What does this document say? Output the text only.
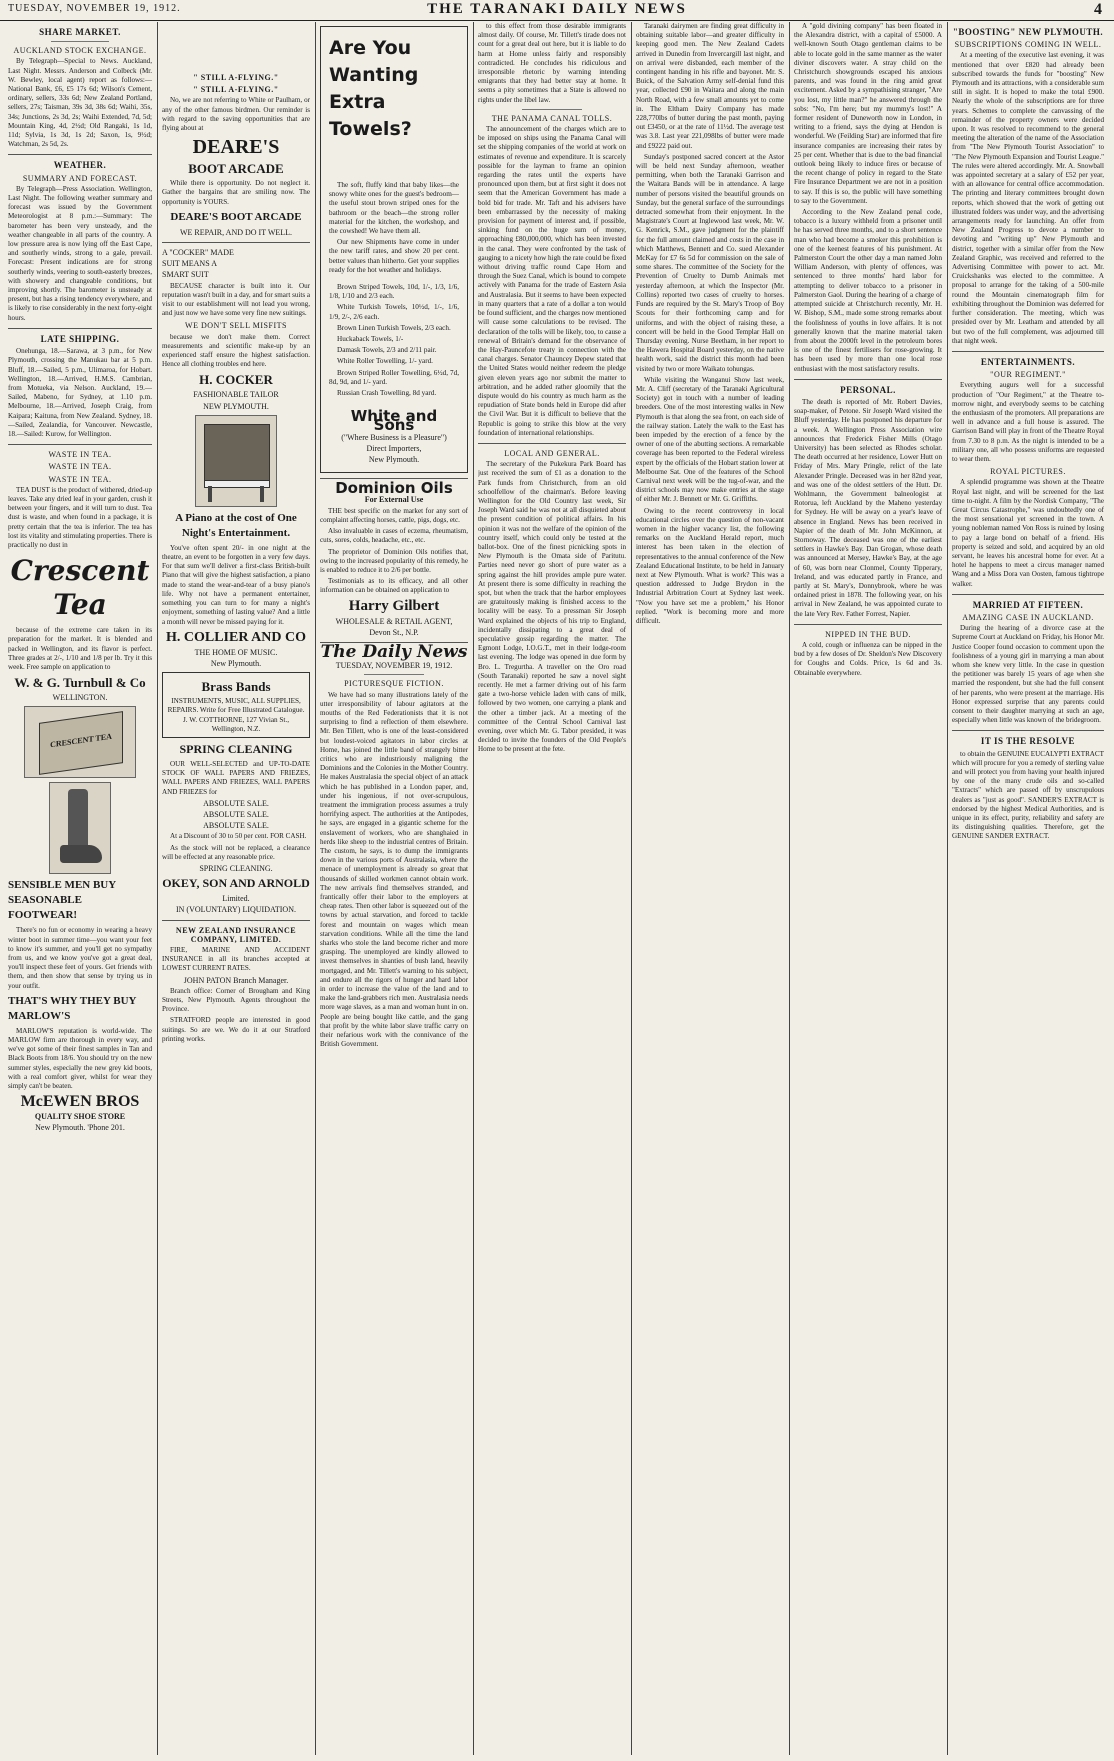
TUESDAY, NOVEMBER 19, 1912.	THE TARANAKI DAILY NEWS	4
SHARE MARKET.
AUCKLAND STOCK EXCHANGE.

By Telegraph—Special to News. Auckland, Last Night. Messrs. Anderson and Colbeck (Mr. W. Bewley, local agent) report as follows:—National Bank, £6, £5 17s 6d; Wilson's Cement, ordinary, sellers, 33s 6d; New Zealand Portland, sellers, 27s; Taisman, 39s 3d, 38s 6d; Waihi, 35s, 34s; Junctions, 2s 3d, 2s; Waihi Extended, 7d, 5d; Mountain King, 4d, 2½d; Old Rangaki, 1s 1d, 11d; Sylvia, 1s 3d, 1s 2d; Saxon, 1s, 9½d; Watchman, 2s 5d, 2s.

WEATHER.
SUMMARY AND FORECAST.

By Telegraph—Press Association. Wellington, Last Night. The following weather summary and forecast was issued by the Government Meteorologist at 8 p.m.:—Summary: The barometer has been very unsteady, and the weather changeable in all parts of the country. A low pressure area is now lying off the East Cape, and southerly winds, strong to a gale, prevail. Forecast: Present indications are for strong southerly winds, veering to south-easterly breezes, with showery and changeable conditions, but improving shortly. The barometer is unsteady at present, but has a rising tendency everywhere, and is likely to rise considerably in the next forty-eight hours.

LATE SHIPPING.

Onehunga, 18.—Sarawa, at 3 p.m., for New Plymouth, crossing the Manukau bar at 5 p.m. Bluff, 18.—Sailed, 5 p.m., Ulimaroa, for Hobart. Wellington, 18.—Arrived, H.M.S. Cambrian, from Motueka, via Nelson. Auckland, 19.—Sailed, Mabeno, for Sydney, at 1.10 p.m. Melbourne, 18.—Arrived, Joseph Craig, from Kaipara; Kaituna, from New Zealand. Sydney, 18.—Sailed, Zealandia, for Vancouver. Newcastle, 18.—Sailed: Kurow, for Wellington.

WASTE IN TEA.
WASTE IN TEA.
WASTE IN TEA.

TEA DUST is the product of withered, dried-up leaves. Take any dried leaf in your garden, crush it between your fingers, and it will turn to dust. Tea dust is waste, and when found in a package, it is pretty certain that the tea is inferior. The tea has lost its vitality and stimulating properties. There is practically no dust in

Crescent Tea

because of the extreme care taken in its preparation for the market. It is blended and packed in Wellington, and its flavor is perfect. Three grades at 2/-, 1/10 and 1/8 per lb. Try it this week. Free sample on application to

W. & G. Turnbull & Co
WELLINGTON.
CRESCENT TEA
SENSIBLE MEN BUY SEASONABLE FOOTWEAR!

There's no fun or economy in wearing a heavy winter boot in summer time—you want your feet to know it's summer, and you'll get no sympathy from us, and we know you've got a great deal, you'll inspect these feet of yours. Get friends with them, and then show that sense by trying us in your outfit.

THAT'S WHY THEY BUY MARLOW'S

MARLOW'S reputation is world-wide. The MARLOW firm are thorough in every way, and we've got some of their finest samples in Tan and Black Boots from 18/6. You should try on the new summer styles, especially the new grey kid boots, with a real comfort giver, whilst for wear they simply can't be beaten.

McEWEN BROS
QUALITY SHOE STORE
New Plymouth. 'Phone 201.
" STILL A-FLYING."
" STILL A-FLYING."

No, we are not referring to White or Paulham, or any of the other famous birdmen. Our reminder is with regard to the saving opportunities that are flying about at

DEARE'S
BOOT ARCADE

While there is opportunity. Do not neglect it. Gather the bargains that are smiling now. The opportunity is YOURS.

DEARE'S BOOT ARCADE
WE REPAIR, AND DO IT WELL.
A "COCKER" MADE
SUIT MEANS A
SMART SUIT

BECAUSE character is built into it. Our reputation wasn't built in a day, and for smart suits a visit to our establishment will not lead you wrong, and just now we have some very fine new suitings.

WE DON'T SELL MISFITS

because we don't make them. Correct measurements and scientific make-up by an experienced staff ensure the highest satisfaction. Hence all clothing troubles end here.

H. COCKER
FASHIONABLE TAILOR
NEW PLYMOUTH.
A Piano at the cost of One Night's Entertainment.

You've often spent 20/- in one night at the theatre, an event to be forgotten in a very few days. For that sum we'll deliver a first-class British-built Piano that will give the highest satisfaction, a piano made to stand the wear-and-tear of a busy piano's life. Why not have a permanent entertainer, something you can turn to for many a night's enjoyment, something of lasting value? And a little a month will never be missed paying for it.

H. COLLIER AND CO
THE HOME OF MUSIC.
New Plymouth.
Brass Bands
INSTRUMENTS, MUSIC, ALL SUPPLIES, REPAIRS. Write for Free Illustrated Catalogue. J. W. COTTHORNE, 127 Vivian St., Wellington, N.Z.
SPRING CLEANING

OUR WELL-SELECTED and UP-TO-DATE STOCK OF WALL PAPERS AND FRIEZES, WALL PAPERS AND FRIEZES, WALL PAPERS AND FRIEZES for

ABSOLUTE SALE.
ABSOLUTE SALE.
ABSOLUTE SALE.

At a Discount of 30 to 50 per cent. FOR CASH.

As the stock will not be replaced, a clearance will be effected at any reasonable price.

SPRING CLEANING.
OKEY, SON AND ARNOLD
Limited.
IN (VOLUNTARY) LIQUIDATION.
NEW ZEALAND INSURANCE COMPANY, LIMITED.

FIRE, MARINE AND ACCIDENT INSURANCE in all its branches accepted at LOWEST CURRENT RATES.

JOHN PATON Branch Manager.

Branch office: Corner of Brougham and King Streets, New Plymouth. Agents throughout the Province.

STRATFORD people are interested in good suitings. So are we. We do it at our Stratford printing works.

Are You
Wanting
Extra
Towels?

The soft, fluffy kind that baby likes—the snowy white ones for the guest's bedroom—the useful stout brown striped ones for the bathroom or the beach—the strong roller material for the kitchen, the workshop, and the cowshed! We have them all.

Our new Shipments have come in under the new tariff rates, and show 20 per cent. better values than hitherto. Get your supplies ready for the hot weather and holidays.

Brown Striped Towels, 10d, 1/-, 1/3, 1/6, 1/8, 1/10 and 2/3 each.

White Turkish Towels, 10½d, 1/-, 1/6, 1/9, 2/-, 2/6 each.

Brown Linen Turkish Towels, 2/3 each.

Huckaback Towels, 1/-

Damask Towels, 2/3 and 2/11 pair.

White Roller Towelling, 1/- yard.

Brown Striped Roller Towelling, 6½d, 7d, 8d, 9d, and 1/- yard.

Russian Crash Towelling, 8d yard.

White and Sons
("Where Business is a Pleasure")
Direct Importers,
New Plymouth.
Dominion Oils
For External Use

THE best specific on the market for any sort of complaint affecting horses, cattle, pigs, dogs, etc.

Also invaluable in cases of eczema, rheumatism, cuts, sores, colds, headache, etc., etc.

The proprietor of Dominion Oils notifies that, owing to the increased popularity of this remedy, he is enabled to reduce it to 2/6 per bottle.

Testimonials as to its efficacy, and all other information can be obtained on application to

Harry Gilbert
WHOLESALE & RETAIL AGENT,
Devon St., N.P.
The Daily News
TUESDAY, NOVEMBER 19, 1912.
PICTURESQUE FICTION.

We have had so many illustrations lately of the utter irresponsibility of labour agitators at the mouths of the Red Federationists that it is not surprising to find a reflection of them elsewhere. Mr. Ben Tillett, who is one of the least-considered but loudest-voiced agitators in labor circles at Home, has joined the little band of strangely bitter critics who are industriously maligning the Dominions and the Colonies in the Mother Country. He makes Australasia the special object of an attack which he has published in a London paper, and, under his ingenious, if not over-scrupulous, treatment the immigration process assumes a truly horrifying aspect. The authorities at the Antipodes, he says, are engaged in a gigantic scheme for the enslavement of workers, who are shanghaied in herds like sheep to the industrial centres of Britain. The custom, he says, is to dump the immigrants down in the various ports of Australasia, where the menace of unemployment is already so great that thousands of skilled workmen cannot obtain work. The new arrivals find themselves stranded, and frantically offer their labor to the employers at cheap rates. Then other labor is squeezed out of the towns by actual starvation, and forced to tackle forest and mountain on wages which mean starvation conditions. While all the time the land sharks who stole the land become richer and more grasping. The unemployed are kindly allowed to invest themselves in shanties of bush land, heavily mortgaged, and Mr. Tillett's warning to his subject, and endure all the rigors of hunger and hard labor in order to increase the value of the land and to make the land-grabbers rich men. Australasia needs more wage slaves, as a man and woman hunt in on. People are being bought like cattle, and the gang that profit by the white labor slave traffic carry on their nefarious work with the connivance of the British Government.

to this effect from those desirable immigrants almost daily. Of course, Mr. Tillett's tirade does not count for a great deal out here, but it is liable to do harm at Home unless fairly and responsibly contradicted. He concludes his ridiculous and irresponsible rhetoric by warning intending emigrants that they had better stay at home. It seems a pity sometimes that a State is allowed no rights under the libel law.

THE PANAMA CANAL TOLLS.

The announcement of the charges which are to be imposed on ships using the Panama Canal will set the shipping companies of the world at work on estimates of revenue and expenditure. It is scarcely possible for the layman to frame an opinion regarding the rates until the experts have pronounced upon them, but at first sight it does not seem that the American Government has made a bold bid for trade. Mr. Taft and his advisers have been embarrassed by the necessity of making provision for payment of interest and, if possible, sinking fund on the huge sum of money, approaching £80,000,000, which has been invested in the canal. They were confronted by the task of gauging to a nicety how high the rate could be fixed without driving traffic round Cape Horn and through the Suez Canal, which is bound to compete actively with Panama for the trade of Eastern Asia and Australasia. But it seems to have been expected in many quarters that a rate of a dollar a ton would be found sufficient, and the charges now mentioned will cause some calculations to be revised. The declaration of the tolls will be likely, too, to cause a renewal of Britain's demand for the observance of the Hay-Pauncefote treaty in connection with the canal charges. Senator Chauncey Depew stated that the United States would neither redeem the pledge given eleven years ago nor submit the matter to arbitration, and he added rather gloomily that the dispute would do his country as much harm as the repudiation of State bonds held in Europe did after the Civil War. But it is difficult to believe that the Republic is going to strike this blow at the very foundation of international relationships.

LOCAL AND GENERAL.

The secretary of the Pukekura Park Board has just received the sum of £1 as a donation to the Park funds from Christchurch, from an old schoolfellow of the chairman's. Before leaving Wellington for the Old Country last week, Sir Joseph Ward said he was not at all disquieted about the present condition of political affairs. In his opinion it was not the welfare of the opinion of the country itself, which could only be tested at the ballot-box. One of the finest picnicking spots in New Plymouth is the Omata side of Paritutu. Parties need never go short of pure water as a spring against the hill provides ample pure water. At present there is some difficulty in reaching the spot, but when the track that the harbor employees are gratuitously making is finished access to the locality will be easy. To a pressman Sir Joseph Ward explained the objects of his trip to England, incidentally dissipating to a great deal of speculative gossip regarding the matter. The Egmont Lodge, I.O.G.T., met in their lodge-room last evening. The lodge was opened in due form by Bro. L. Tregurtha. A traveller on the Oro road (South Taranaki) reported he saw a novel sight recently. He met a farmer driving out of his farm gate a two-horse vehicle laden with cans of milk, followed by two women, one carrying a plank and the other a timber jack. At a meeting of the committee of the Central School Carnival last evening, over which Mr. G. Tabor presided, it was decided to invite the founders of the Old People's Home to be present at the fete.

Taranaki dairymen are finding great difficulty in obtaining suitable labor—and greater difficulty in keeping good men. The New Zealand Cadets arrived in Dunedin from Invercargill last night, and on arrival were disbanded, each member of the contingent handing in his rifle and bayonet. Mr. S. Buick, of the Salvation Army self-denial fund this year, collected £90 in Waitara and along the main North Road, with a few small amounts yet to come in. The Eltham Dairy Company has made 228,770lbs of butter during the past month, paying out £3450, or at the rate of 11½d. The average test was 3.8. Last year 221,098lbs of butter were made and £9222 paid out.

Sunday's postponed sacred concert at the Astor will be held next Sunday afternoon, weather permitting, when both the Taranaki Garrison and the Waitara Bands will be in attendance. A large number of persons visited the beautiful grounds on Sunday, but the general surface of the surroundings detracted somewhat from their enjoyment. In the Magistrate's Court at Inglewood last week, Mr. W. G. Kenrick, S.M., gave judgment for the plaintiff for the full amount claimed and costs in the case in which Matthews, Bennett and Co. sued Alexander McKay for £7 6s 5d for commission on the sale of some shares. The committee of the Society for the Prevention of Cruelty to Dumb Animals met yesterday afternoon, at which the Inspector (Mr. Collins) reported two cases of cruelty to horses. Funds are required by the St. Mary's Troop of Boy Scouts for their forthcoming camp and for uniforms, and with the object of raising these, a concert will be held in the Good Templar Hall on Thursday evening. Nurse Beetham, in her report to the Hawera Hospital Board yesterday, on the native health work, said the district this month had been visited by two or more Waikato tohungas.

While visiting the Wanganui Show last week, Mr. A. Cliff (secretary of the Taranaki Agricultural Society) got in touch with a number of leading breeders. One of the most interesting walks in New Plymouth is that along the sea front, on each side of the railway station. Lately the walk to the East has been impeded by the erection of a fence by the owner of one of the abutting sections. A remarkable coverage has been reported to the Federal wireless expert by the officials of the Hobart station lower at Melbourne Sat. One of the features of the School Carnival next week will be the tug-of-war, and the district schools may now make entries at the stage of either Mr. J. Bennett or Mr. G. Griffiths.

Owing to the recent controversy in local educational circles over the question of non-vacant women in the higher vacancy list, the following remarks on the Auckland Herald report, much interest has been taken in the election of representatives to the annual conference of the New Zealand Educational Institute, to be held in January next at New Plymouth. What is work? This was a question addressed to Judge Brydon in the Industrial Arbitration Court at Sydney last week. "Now you have set me a problem," his Honor replied. "Work is becoming more and more difficult.

A "gold divining company" has been floated in the Alexandra district, with a capital of £5000. A well-known South Otago gentleman claims to be able to locate gold in the same manner as the water diviner discovers water. A stray child on the Christchurch showgrounds escaped his anxious parents, and was found in the ring amid great excitement. Asked by a sympathising stranger, "Are you lost, my little man?" he answered through the sobs: "No, I'm here; but my mummy's lost!" A former resident of Duneworth now in London, in writing to a friend, says the dying at Hendon is wonderful. We (Feilding Star) are informed that fire insurance companies are increasing their rates by 25 per cent. Whether that is due to the bad financial outlook being likely to induce fires or because of the recent change of policy in regard to the State Fire Insurance Department we are not in a position to say. If this is so, the public will have something to say to the Government.

According to the New Zealand penal code, tobacco is a luxury withheld from a prisoner until he has served three months, and to a short sentence man who had become a smoker this prohibition is one of the keenest features of his punishment. At Palmerston Court the other day a man named John William Anderson, with plenty of offences, was sentenced to three months' hard labor for attempting to deliver tobacco to a prisoner in Palmerston Gaol. During the hearing of a charge of attempted suicide at Christchurch recently, Mr. H. W. Bishop, S.M., made some strong remarks about the foolishness of youths in love affairs. It is not generally known that the marine material taken from about the 2000ft level in the petroleum bores is one of the finest fertilisers for rose-growing. It has been used by more than one local rose enthusiast with the most satisfactory results.

PERSONAL.

The death is reported of Mr. Robert Davies, soap-maker, of Petone. Sir Joseph Ward visited the Bluff yesterday. He has postponed his departure for a week. A Wellington Press Association wire announces that Frederick Fisher Mills (Otago University) has been selected as Rhodes scholar. The death occurred at her residence, Lower Hutt on Friday of Mrs. Mary Pringle, relict of the late Alexander Pringle. Deceased was in her 82nd year, and was one of the oldest settlers of the Hutt. Dr. Wohlmann, the Government balneologist at Rotorua, left Auckland by the Maheno yesterday for Sydney. He will be away on a year's leave of absence in England. News has been received in Napier of the death of Mr. John McKinnon, at Stornoway. The deceased was one of the earliest settlers in Hawke's Bay. Dan Grogan, whose death was announced at Mersey, Hawke's Bay, at the age of 60, was born near Clonmel, County Tipperary, Ireland, and was educated partly in France, and partly at St. Mary's, Donnybrook, where he was ordained priest in 1878. The following year, on his arrival in New Zealand, he was appointed curate to the late Very Rev. Father Forrest, Napier.

NIPPED IN THE BUD.

A cold, cough or influenza can be nipped in the bud by a few doses of Dr. Sheldon's New Discovery for Coughs and Colds. Price, 1s 6d and 3s. Obtainable everywhere.

"BOOSTING" NEW PLYMOUTH.
SUBSCRIPTIONS COMING IN WELL.

At a meeting of the executive last evening, it was mentioned that over £820 had already been subscribed towards the funds for "boosting" New Plymouth and its attractions, with a considerable sum still in sight. It is hoped to make the total £900. Nearly the whole of the subscriptions are for three years. Schemes to complete the canvassing of the remainder of the property owners were decided upon. It was resolved to recommend to the general meeting the alteration of the name of the Association from "The New Plymouth Tourist Association" to "The New Plymouth Expansion and Tourist League." The rules were altered accordingly. Mr. A. Snowball was appointed secretary at a salary of £52 per year, with an allowance for central office accommodation. The printing and literary committees brought down reports, which showed that the work of getting out illustrated folders was under way, and the advertising arrangements ready for launching. An offer from New Zealand Progress to devote a number to devoting and "writing up" New Plymouth and district, together with a similar offer from the New Zealand Graphic, was received and referred to the Advertising Committee with power to act. Mr. Cruickshanks was elected to the committee. A proposal to arrange for the taking of a 500-mile round the Mountain cinematograph film for exhibiting throughout the Dominion was deferred for further consideration. The meeting, which was presided over by Mr. Leatham and attended by all but two of the full complement, was adjourned till that night week.

ENTERTAINMENTS.
"OUR REGIMENT."

Everything augurs well for a successful production of "Our Regiment," at the Theatre to-morrow night, and everybody seems to be catching the enthusiasm of the promoters. All preparations are well in advance and a full house is assured. The Garrison Band will play in front of the Theatre Royal from 7.30 to 8 p.m. As the night is intended to be a military one, all who possess uniforms are requested to wear them.

ROYAL PICTURES.

A splendid programme was shown at the Theatre Royal last night, and will be screened for the last time to-night. A film by the Nordisk Company, "The Great Circus Catastrophe," was undoubtedly one of the most sensational yet screened in the town. A young nobleman named Von Ross is ruined by losing to pay a large bond on behalf of a friend. His property is seized and sold, and acquired by an old servant, he leaves his ancestral home for ever. At a hotel he happens to meet a circus manager named Wang and a Miss Dora van Oosten, famous tightrope walker.

MARRIED AT FIFTEEN.
AMAZING CASE IN AUCKLAND.

During the hearing of a divorce case at the Supreme Court at Auckland on Friday, his Honor Mr. Justice Cooper found occasion to comment upon the foolishness of a young girl in marrying a man about whom she knew very little. In the case in question the petitioner was barely 15 years of age when she married the respondent, but she had the full consent of her parents, who were present at the marriage. His Honor expressed surprise that any parents could consent to their daughter marrying at such an age, especially when little was known of the bridegroom.

IT IS THE RESOLVE

to obtain the GENUINE EUCALYPTI EXTRACT which will procure for you a remedy of sterling value and will protect you from having your health injured by one of the many crude oils and so-called "Extracts" which are passed off by unscrupulous dealers as "just as good". SANDER'S EXTRACT is endorsed by the highest Medical Authorities, and is unique in its effect, purity, reliability and safety are its distinguishing qualities. Therefore, get the GENUINE SANDER EXTRACT.
